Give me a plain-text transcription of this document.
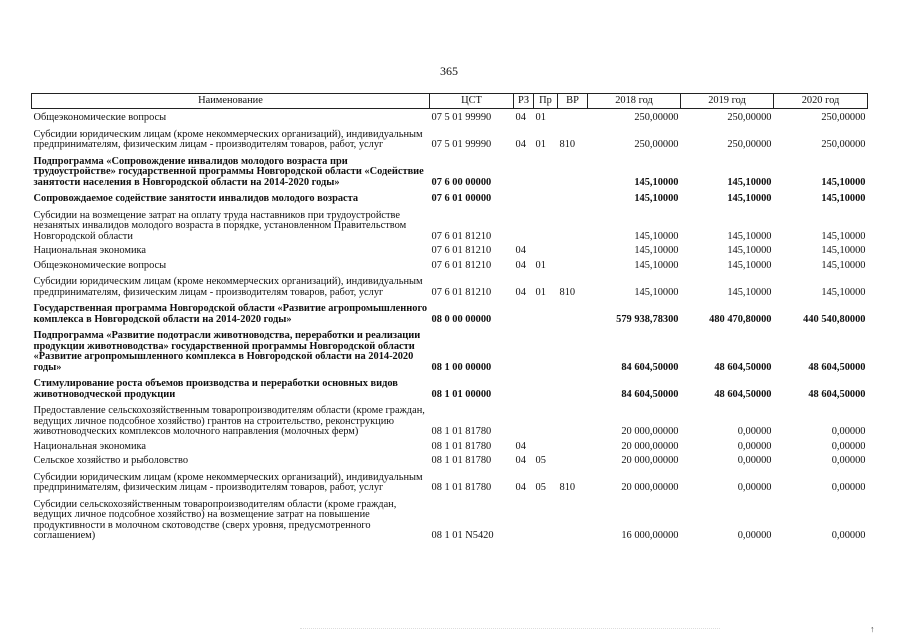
365
Наименование	ЦСТ	РЗ	Пр	ВР	2018 год	2019 год	2020 год
Общеэкономические вопросы	07 5 01 99990	04	01		250,00000	250,00000	250,00000
Субсидии юридическим лицам (кроме некоммерческих организаций), индивидуальным предпринимателям, физическим лицам - производителям товаров, работ, услуг	07 5 01 99990	04	01	810	250,00000	250,00000	250,00000
Подпрограмма «Сопровождение инвалидов молодого возраста при трудоустройстве» государственной программы Новгородской области «Содействие занятости населения в Новгородской области на 2014-2020 годы»	07 6 00 00000				145,10000	145,10000	145,10000
Сопровождаемое содействие занятости инвалидов молодого возраста	07 6 01 00000				145,10000	145,10000	145,10000
Субсидии на возмещение затрат на оплату труда наставников при трудоустройстве незанятых инвалидов молодого возраста в порядке, установленном Правительством Новгородской области	07 6 01 81210				145,10000	145,10000	145,10000
Национальная экономика	07 6 01 81210	04			145,10000	145,10000	145,10000
Общеэкономические вопросы	07 6 01 81210	04	01		145,10000	145,10000	145,10000
Субсидии юридическим лицам (кроме некоммерческих организаций), индивидуальным предпринимателям, физическим лицам - производителям товаров, работ, услуг	07 6 01 81210	04	01	810	145,10000	145,10000	145,10000
Государственная программа Новгородской области «Развитие агропромышленного комплекса в Новгородской области на 2014-2020 годы»	08 0 00 00000				579 938,78300	480 470,80000	440 540,80000
Подпрограмма «Развитие подотрасли животноводства, переработки и реализации продукции животноводства» государственной программы Новгородской области «Развитие агропромышленного комплекса в Новгородской области на 2014-2020 годы»	08 1 00 00000				84 604,50000	48 604,50000	48 604,50000
Стимулирование роста объемов производства и переработки основных видов животноводческой продукции	08 1 01 00000				84 604,50000	48 604,50000	48 604,50000
Предоставление сельскохозяйственным товаропроизводителям области (кроме граждан, ведущих личное подсобное хозяйство) грантов на строительство, реконструкцию животноводческих комплексов молочного направления (молочных ферм)	08 1 01 81780				20 000,00000	0,00000	0,00000
Национальная экономика	08 1 01 81780	04			20 000,00000	0,00000	0,00000
Сельское хозяйство и рыболовство	08 1 01 81780	04	05		20 000,00000	0,00000	0,00000
Субсидии юридическим лицам (кроме некоммерческих организаций), индивидуальным предпринимателям, физическим лицам - производителям товаров, работ, услуг	08 1 01 81780	04	05	810	20 000,00000	0,00000	0,00000
Субсидии сельскохозяйственным товаропроизводителям области (кроме граждан, ведущих личное подсобное хозяйство) на возмещение затрат на повышение продуктивности в молочном скотоводстве (сверх уровня, предусмотренного соглашением)	08 1 01 N5420				16 000,00000	0,00000	0,00000
↑
